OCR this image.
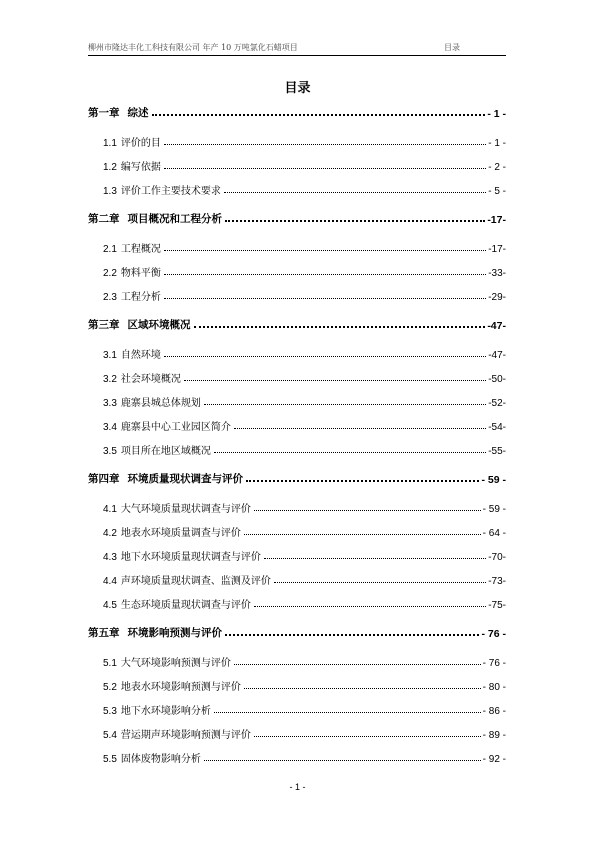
柳州市隆达丰化工科技有限公司 年产 10 万吨氯化石蜡项目	目录
目录
第一章 综述	- 1 -
1.1 评价的目	- 1 -
1.2 编写依据	- 2 -
1.3 评价工作主要技术要求	- 5 -
第二章 项目概况和工程分析	-17-
2.1 工程概况	-17-
2.2 物料平衡	-33-
2.3 工程分析	-29-
第三章 区域环境概况	-47-
3.1 自然环境	-47-
3.2 社会环境概况	-50-
3.3 鹿寨县城总体规划	-52-
3.4 鹿寨县中心工业园区简介	-54-
3.5 项目所在地区域概况	-55-
第四章 环境质量现状调查与评价	- 59 -
4.1 大气环境质量现状调查与评价	- 59 -
4.2 地表水环境质量调查与评价	- 64 -
4.3 地下水环境质量现状调查与评价	-70-
4.4 声环境质量现状调查、监测及评价	-73-
4.5 生态环境质量现状调查与评价	-75-
第五章 环境影响预测与评价	- 76 -
5.1 大气环境影响预测与评价	- 76 -
5.2 地表水环境影响预测与评价	- 80 -
5.3 地下水环境影响分析	- 86 -
5.4 营运期声环境影响预测与评价	- 89 -
5.5 固体废物影响分析	- 92 -
- 1 -
